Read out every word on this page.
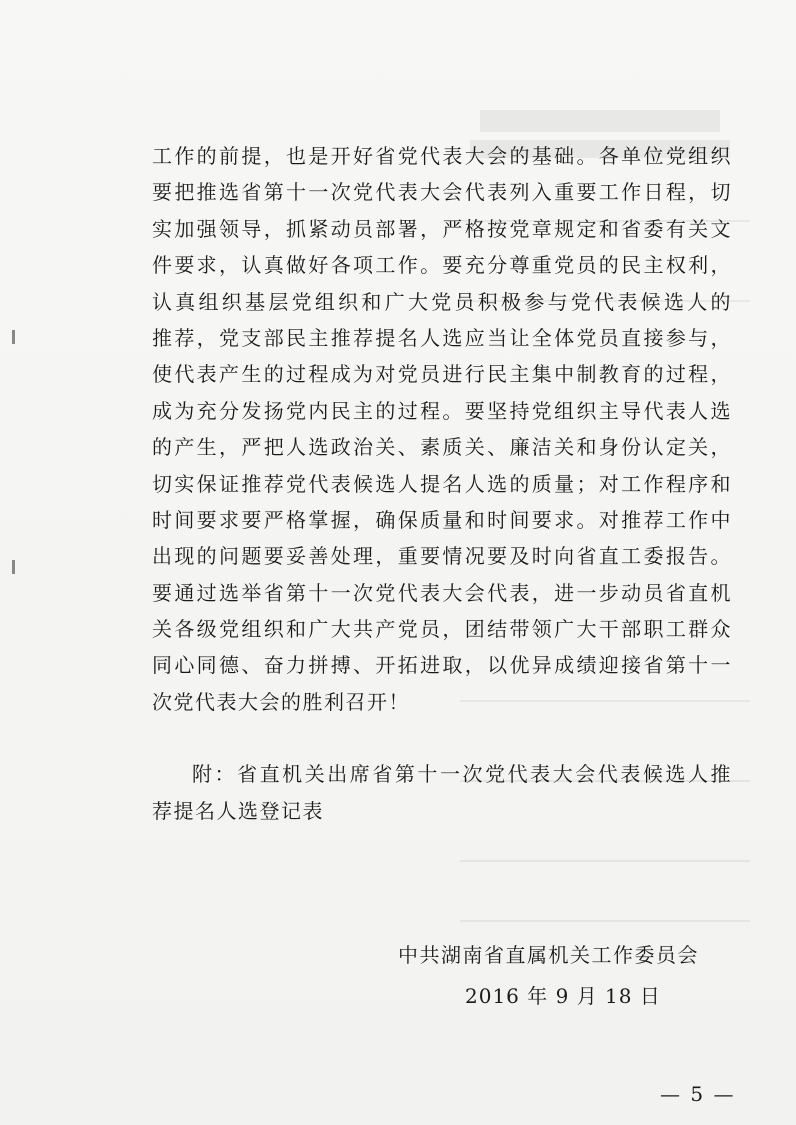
工作的前提，也是开好省党代表大会的基础。各单位党组织
要把推选省第十一次党代表大会代表列入重要工作日程，切
实加强领导，抓紧动员部署，严格按党章规定和省委有关文
件要求，认真做好各项工作。要充分尊重党员的民主权利，
认真组织基层党组织和广大党员积极参与党代表候选人的
推荐，党支部民主推荐提名人选应当让全体党员直接参与，
使代表产生的过程成为对党员进行民主集中制教育的过程，
成为充分发扬党内民主的过程。要坚持党组织主导代表人选
的产生，严把人选政治关、素质关、廉洁关和身份认定关，
切实保证推荐党代表候选人提名人选的质量；对工作程序和
时间要求要严格掌握，确保质量和时间要求。对推荐工作中
出现的问题要妥善处理，重要情况要及时向省直工委报告。
要通过选举省第十一次党代表大会代表，进一步动员省直机
关各级党组织和广大共产党员，团结带领广大干部职工群众
同心同德、奋力拼搏、开拓进取，以优异成绩迎接省第十一
次党代表大会的胜利召开！
附：省直机关出席省第十一次党代表大会代表候选人推
荐提名人选登记表
中共湖南省直属机关工作委员会
2016 年 9 月 18 日
— 5 —
